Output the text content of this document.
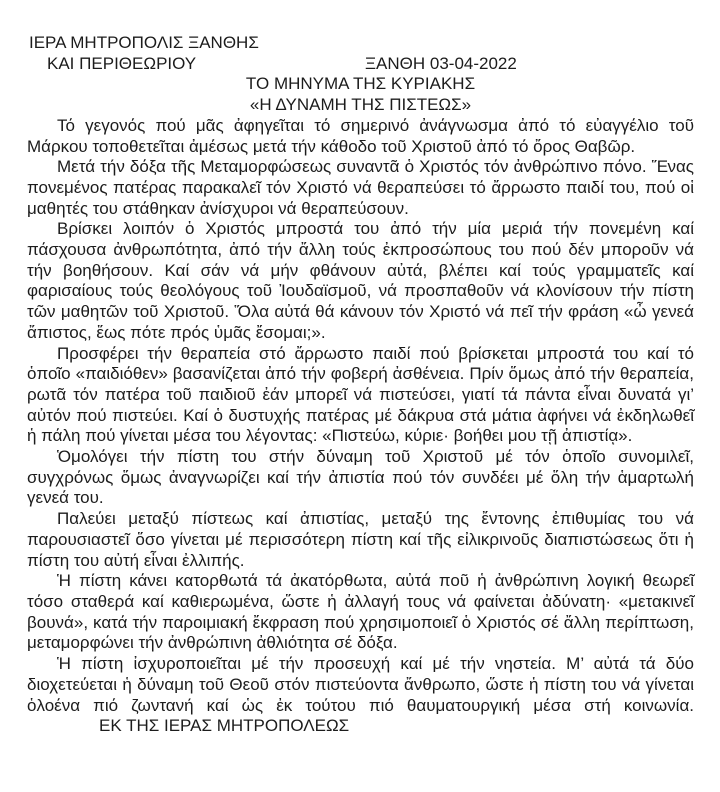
ΙΕΡΑ ΜΗΤΡΟΠΟΛΙΣ ΞΑΝΘΗΣ
ΚΑΙ ΠΕΡΙΘΕΩΡΙΟΥ	ΞΑΝΘΗ 03-04-2022
ΤΟ ΜΗΝΥΜΑ ΤΗΣ ΚΥΡΙΑΚΗΣ
«Η ΔΥΝΑΜΗ ΤΗΣ ΠΙΣΤΕΩΣ»

Τό γεγονός πού μᾶς ἀφηγεῖται τό σημερινό ἀνάγνωσμα ἀπό τό εὐαγγέλιο τοῦ Μάρκου τοποθετεῖται ἀμέσως μετά τήν κάθοδο τοῦ Χριστοῦ ἀπό τό ὄρος Θαβῶρ.

Μετά τήν δόξα τῆς Μεταμορφώσεως συναντᾶ ὁ Χριστός τόν ἀνθρώπινο πόνο. Ἕνας πονεμένος πατέρας παρακαλεῖ τόν Χριστό νά θεραπεύσει τό ἄρρωστο παιδί του, πού οἱ μαθητές του στάθηκαν ἀνίσχυροι νά θεραπεύσουν.

Βρίσκει λοιπόν ὁ Χριστός μπροστά του ἀπό τήν μία μεριά τήν πονεμένη καί πάσχουσα ἀνθρωπότητα, ἀπό τήν ἄλλη τούς ἐκπροσώπους του πού δέν μποροῦν νά τήν βοηθήσουν. Καί σάν νά μήν φθάνουν αὐτά, βλέπει καί τούς γραμματεῖς καί φαρισαίους τούς θεολόγους τοῦ Ἰουδαϊσμοῦ, νά προσπαθοῦν νά κλονίσουν τήν πίστη τῶν μαθητῶν τοῦ Χριστοῦ. Ὅλα αὐτά θά κάνουν τόν Χριστό νά πεῖ τήν φράση «ὦ γενεά ἄπιστος, ἕως πότε πρός ὑμᾶς ἔσομαι;».

Προσφέρει τήν θεραπεία στό ἄρρωστο παιδί πού βρίσκεται μπροστά του καί τό ὁποῖο «παιδιόθεν» βασανίζεται ἀπό τήν φοβερή ἀσθένεια. Πρίν ὅμως ἀπό τήν θεραπεία, ρωτᾶ τόν πατέρα τοῦ παιδιοῦ ἐάν μπορεῖ νά πιστεύσει, γιατί τά πάντα εἶναι δυνατά γι’ αὐτόν πού πιστεύει. Καί ὁ δυστυχής πατέρας μέ δάκρυα στά μάτια ἀφήνει νά ἐκδηλωθεῖ ἡ πάλη πού γίνεται μέσα του λέγοντας: «Πιστεύω, κύριε· βοήθει μου τῇ ἀπιστίᾳ».

Ὁμολόγει τήν πίστη του στήν δύναμη τοῦ Χριστοῦ μέ τόν ὁποῖο συνομιλεῖ, συγχρόνως ὅμως ἀναγνωρίζει καί τήν ἀπιστία πού τόν συνδέει μέ ὅλη τήν ἁμαρτωλή γενεά του.

Παλεύει μεταξύ πίστεως καί ἀπιστίας, μεταξύ της ἔντονης ἐπιθυμίας του νά παρουσιαστεῖ ὅσο γίνεται μέ περισσότερη πίστη καί τῆς εἰλικρινοῦς διαπιστώσεως ὅτι ἡ πίστη του αὐτή εἶναι ἐλλιπής.

Ἡ πίστη κάνει κατορθωτά τά ἀκατόρθωτα, αὐτά ποῦ ἡ ἀνθρώπινη λογική θεωρεῖ τόσο σταθερά καί καθιερωμένα, ὥστε ἡ ἀλλαγή τους νά φαίνεται ἀδύνατη· «μετακινεῖ βουνά», κατά τήν παροιμιακή ἔκφραση πού χρησιμοποιεῖ ὁ Χριστός σέ ἄλλη περίπτωση, μεταμορφώνει τήν ἀνθρώπινη ἀθλιότητα σέ δόξα.

Ἡ πίστη ἰσχυροποιεῖται μέ τήν προσευχή καί μέ τήν νηστεία. Μ’ αὐτά τά δύο διοχετεύεται ἡ δύναμη τοῦ Θεοῦ στόν πιστεύοντα ἄνθρωπο, ὥστε ἡ πίστη του νά γίνεται ὁλοένα πιό ζωντανή καί ὡς ἐκ τούτου πιό θαυματουργική μέσα στή κοινωνία.ΕΚ ΤΗΣ ΙΕΡΑΣ ΜΗΤΡΟΠΟΛΕΩΣ
